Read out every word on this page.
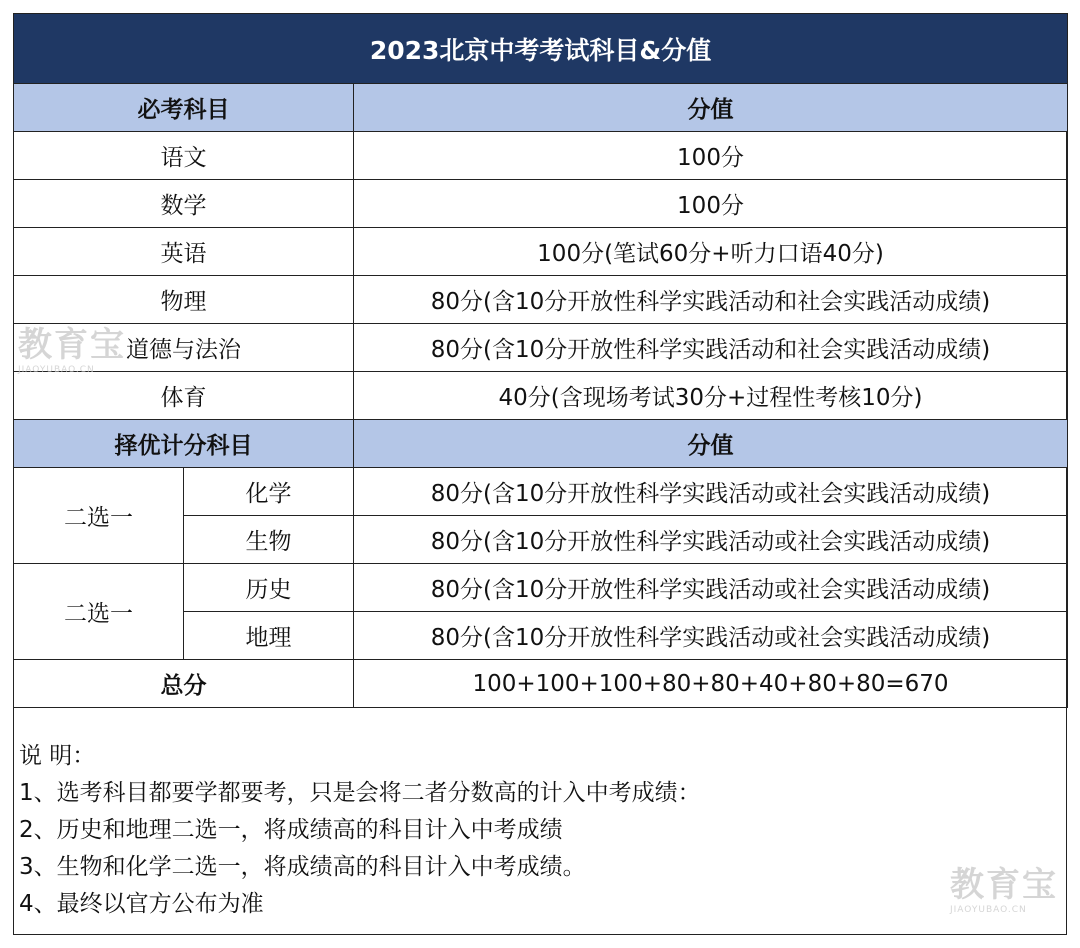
2023北京中考考试科目&分值		
必考科目		分值
语文		100分
数学		100分
英语		100分(笔试60分+听力口语40分)
物理		80分(含10分开放性科学实践活动和社会实践活动成绩)
道德与法治		80分(含10分开放性科学实践活动和社会实践活动成绩)
体育		40分(含现场考试30分+过程性考核10分)
择优计分科目		分值
二选一	化学	80分(含10分开放性科学实践活动或社会实践活动成绩)
	生物	80分(含10分开放性科学实践活动或社会实践活动成绩)
二选一	历史	80分(含10分开放性科学实践活动或社会实践活动成绩)
	地理	80分(含10分开放性科学实践活动或社会实践活动成绩)
总分		100+100+100+80+80+40+80+80=670
说 明：
1、选考科目都要学都要考，只是会将二者分数高的计入中考成绩：
2、历史和地理二选一，将成绩高的科目计入中考成绩
3、生物和化学二选一，将成绩高的科目计入中考成绩。
4、最终以官方公布为准
教育宝
JIAOYUBAO.CN
教育宝
JIAOYUBAO.CN
